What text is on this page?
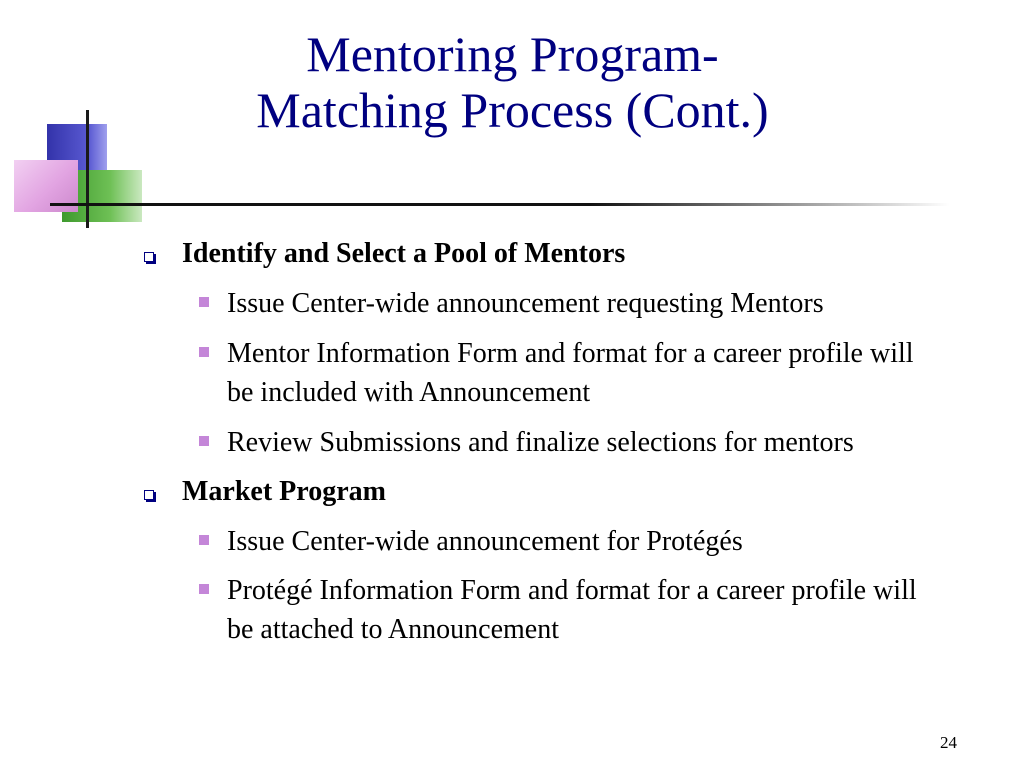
Mentoring Program-
Matching Process (Cont.)
Identify and Select a Pool of Mentors
Issue Center-wide announcement requesting Mentors
Mentor Information Form and format for a career profile will be included with Announcement
Review Submissions and finalize selections for mentors
Market Program
Issue Center-wide announcement for Protégés
Protégé Information Form and format for a career profile will be attached to Announcement
24
